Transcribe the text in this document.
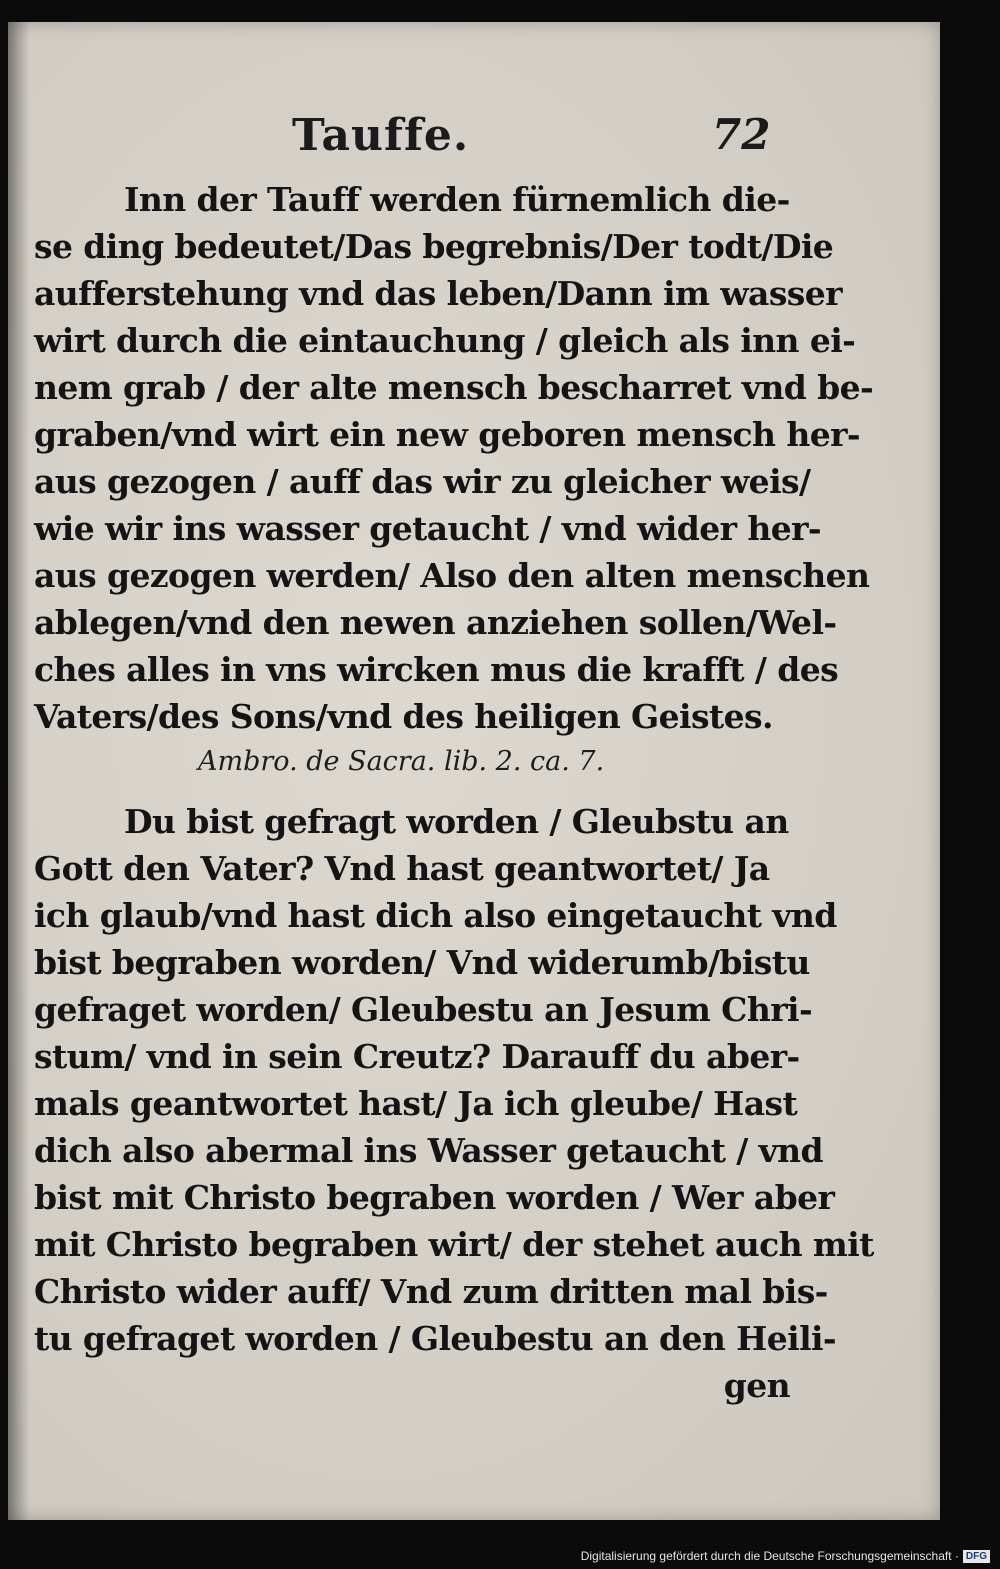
Tauffe.	72
Inn der Tauff werden fürnemlich die-
se ding bedeutet/Das begrebnis/Der todt/Die
aufferstehung vnd das leben/Dann im wasser
wirt durch die eintauchung / gleich als inn ei-
nem grab / der alte mensch bescharret vnd be-
graben/vnd wirt ein new geboren mensch her-
aus gezogen / auff das wir zu gleicher weis/
wie wir ins wasser getaucht / vnd wider her-
aus gezogen werden/ Also den alten menschen
ablegen/vnd den newen anziehen sollen/Wel-
ches alles in vns wircken mus die krafft / des
Vaters/des Sons/vnd des heiligen Geistes.
Ambro. de Sacra. lib. 2. ca. 7.
Du bist gefragt worden / Gleubstu an
Gott den Vater? Vnd hast geantwortet/ Ja
ich glaub/vnd hast dich also eingetaucht vnd
bist begraben worden/ Vnd widerumb/bistu
gefraget worden/ Gleubestu an Jesum Chri-
stum/ vnd in sein Creutz? Darauff du aber-
mals geantwortet hast/ Ja ich gleube/ Hast
dich also abermal ins Wasser getaucht / vnd
bist mit Christo begraben worden / Wer aber
mit Christo begraben wirt/ der stehet auch mit
Christo wider auff/ Vnd zum dritten mal bis-
tu gefraget worden / Gleubestu an den Heili-
gen
Digitalisierung gefördert durch die Deutsche Forschungsgemeinschaft · DFG
